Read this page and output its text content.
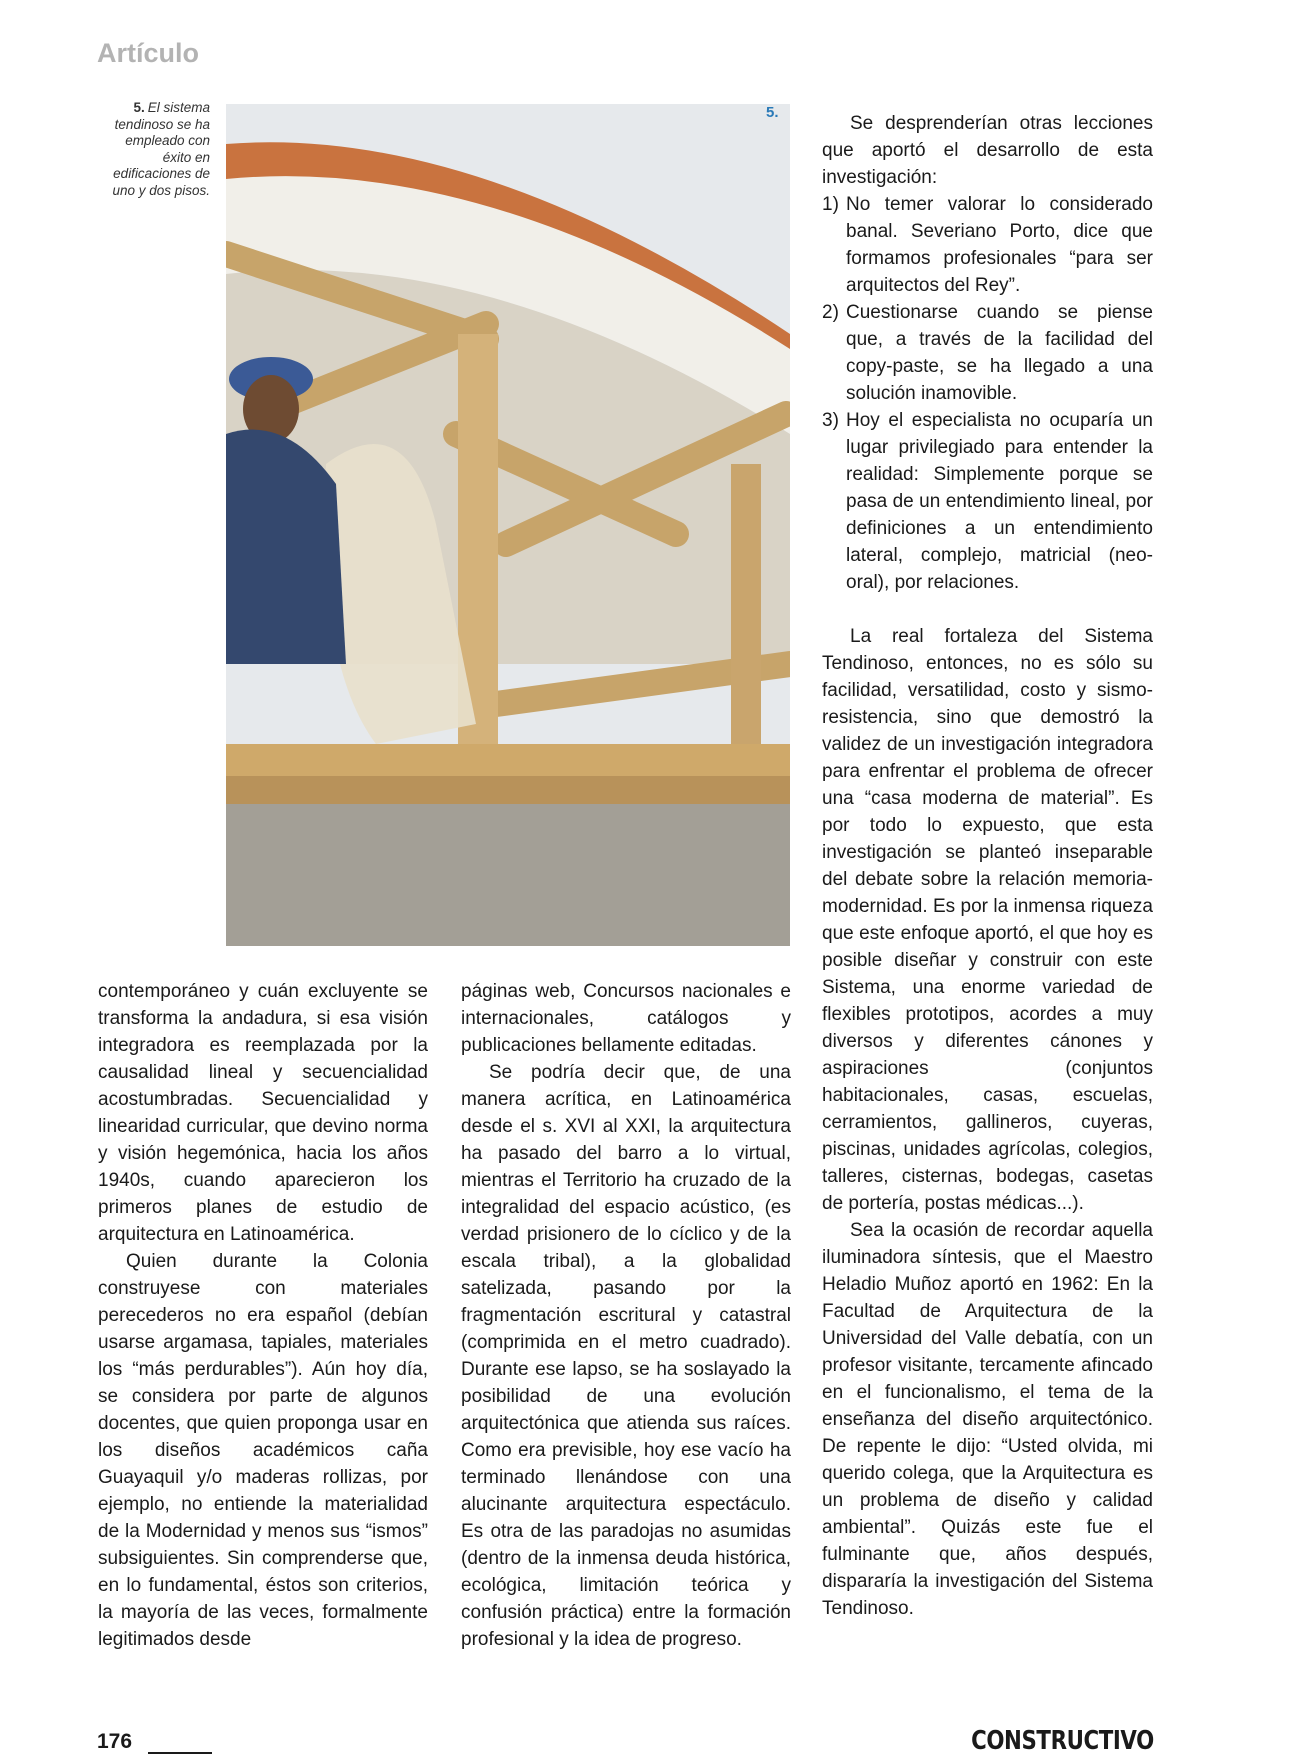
Artículo
5. El sistema tendinoso se ha empleado con éxito en edificaciones de uno y dos pisos.
5.

contemporáneo y cuán excluyente se transforma la andadura, si esa visión integradora es reemplazada por la causalidad lineal y secuencialidad acostumbradas. Secuencialidad y linearidad curricular, que devino norma y visión hegemónica, hacia los años 1940s, cuando aparecieron los primeros planes de estudio de arquitectura en Latinoamérica.

Quien durante la Colonia construyese con materiales perecederos no era español (debían usarse argamasa, tapiales, materiales los “más perdurables”). Aún hoy día, se considera por parte de algunos docentes, que quien proponga usar en los diseños académicos caña Guayaquil y/o maderas rollizas, por ejemplo, no entiende la materialidad de la Modernidad y menos sus “ismos” subsiguientes. Sin comprenderse que, en lo fundamental, éstos son criterios, la mayoría de las veces, formalmente legitimados desde

páginas web, Concursos nacionales e internacionales, catálogos y publicaciones bellamente editadas.

Se podría decir que, de una manera acrítica, en Latinoamérica desde el s. XVI al XXI, la arquitectura ha pasado del barro a lo virtual, mientras el Territorio ha cruzado de la integralidad del espacio acústico, (es verdad prisionero de lo cíclico y de la escala tribal), a la globalidad satelizada, pasando por la fragmentación escritural y catastral (comprimida en el metro cuadrado). Durante ese lapso, se ha soslayado la posibilidad de una evolución arquitectónica que atienda sus raíces. Como era previsible, hoy ese vacío ha terminado llenándose con una alucinante arquitectura espectáculo. Es otra de las paradojas no asumidas (dentro de la inmensa deuda histórica, ecológica, limitación teórica y confusión práctica) entre la formación profesional y la idea de progreso.

Se desprenderían otras lecciones que aportó el desarrollo de esta investigación:

1) No temer valorar lo considerado banal. Severiano Porto, dice que formamos profesionales “para ser arquitectos del Rey”.
2) Cuestionarse cuando se piense que, a través de la facilidad del copy-paste, se ha llegado a una solución inamovible.
3) Hoy el especialista no ocuparía un lugar privilegiado para entender la realidad: Simplemente porque se pasa de un entendimiento lineal, por definiciones a un entendimiento lateral, complejo, matricial (neo-oral), por relaciones.

La real fortaleza del Sistema Tendinoso, entonces, no es sólo su facilidad, versatilidad, costo y sismo-resistencia, sino que demostró la validez de un investigación integradora para enfrentar el problema de ofrecer una “casa moderna de material”. Es por todo lo expuesto, que esta investigación se planteó inseparable del debate sobre la relación memoria-modernidad. Es por la inmensa riqueza que este enfoque aportó, el que hoy es posible diseñar y construir con este Sistema, una enorme variedad de flexibles prototipos, acordes a muy diversos y diferentes cánones y aspiraciones (conjuntos habitacionales, casas, escuelas, cerramientos, gallineros, cuyeras, piscinas, unidades agrícolas, colegios, talleres, cisternas, bodegas, casetas de portería, postas médicas...).

Sea la ocasión de recordar aquella iluminadora síntesis, que el Maestro Heladio Muñoz aportó en 1962: En la Facultad de Arquitectura de la Universidad del Valle debatía, con un profesor visitante, tercamente afincado en el funcionalismo, el tema de la enseñanza del diseño arquitectónico. De repente le dijo: “Usted olvida, mi querido colega, que la Arquitectura es un problema de diseño y calidad ambiental”. Quizás este fue el fulminante que, años después, dispararía la investigación del Sistema Tendinoso.

176	CONSTRUCTIVO
